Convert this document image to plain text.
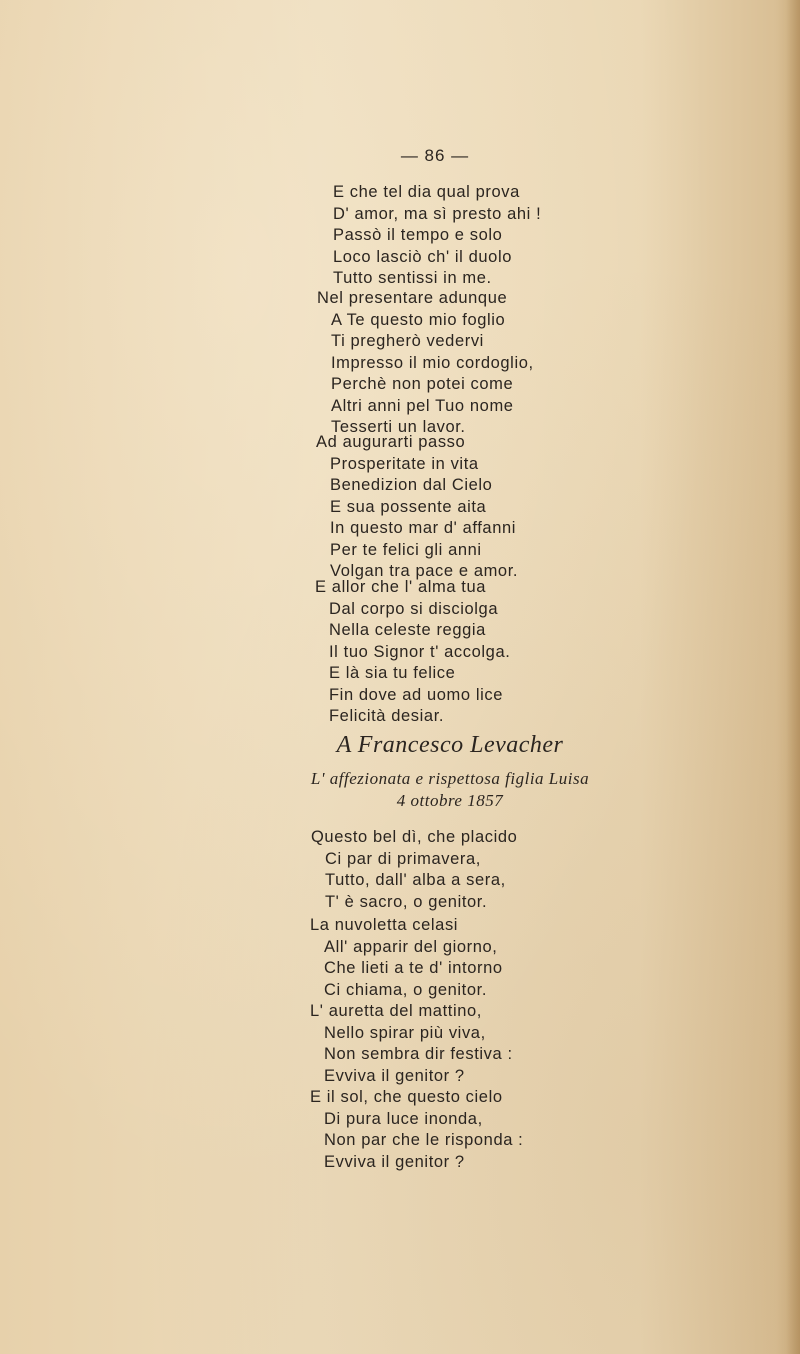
— 86 —
E che tel dia qual prova
D' amor, ma sì presto ahi !
Passò il tempo e solo
Loco lasciò ch' il duolo
Tutto sentissi in me.
Nel presentare adunque
A Te questo mio foglio
Ti pregherò vedervi
Impresso il mio cordoglio,
Perchè non potei come
Altri anni pel Tuo nome
Tesserti un lavor.
Ad augurarti passo
Prosperitate in vita
Benedizion dal Cielo
E sua possente aita
In questo mar d' affanni
Per te felici gli anni
Volgan tra pace e amor.
E allor che l' alma tua
Dal corpo si disciolga
Nella celeste reggia
Il tuo Signor t' accolga.
E là sia tu felice
Fin dove ad uomo lice
Felicità desiar.
A Francesco Levacher
L' affezionata e rispettosa figlia Luisa
4 ottobre 1857
Questo bel dì, che placido
Ci par di primavera,
Tutto, dall' alba a sera,
T' è sacro, o genitor.
La nuvoletta celasi
All' apparir del giorno,
Che lieti a te d' intorno
Ci chiama, o genitor.
L' auretta del mattino,
Nello spirar più viva,
Non sembra dir festiva :
Evviva il genitor ?
E il sol, che questo cielo
Di pura luce inonda,
Non par che le risponda :
Evviva il genitor ?
